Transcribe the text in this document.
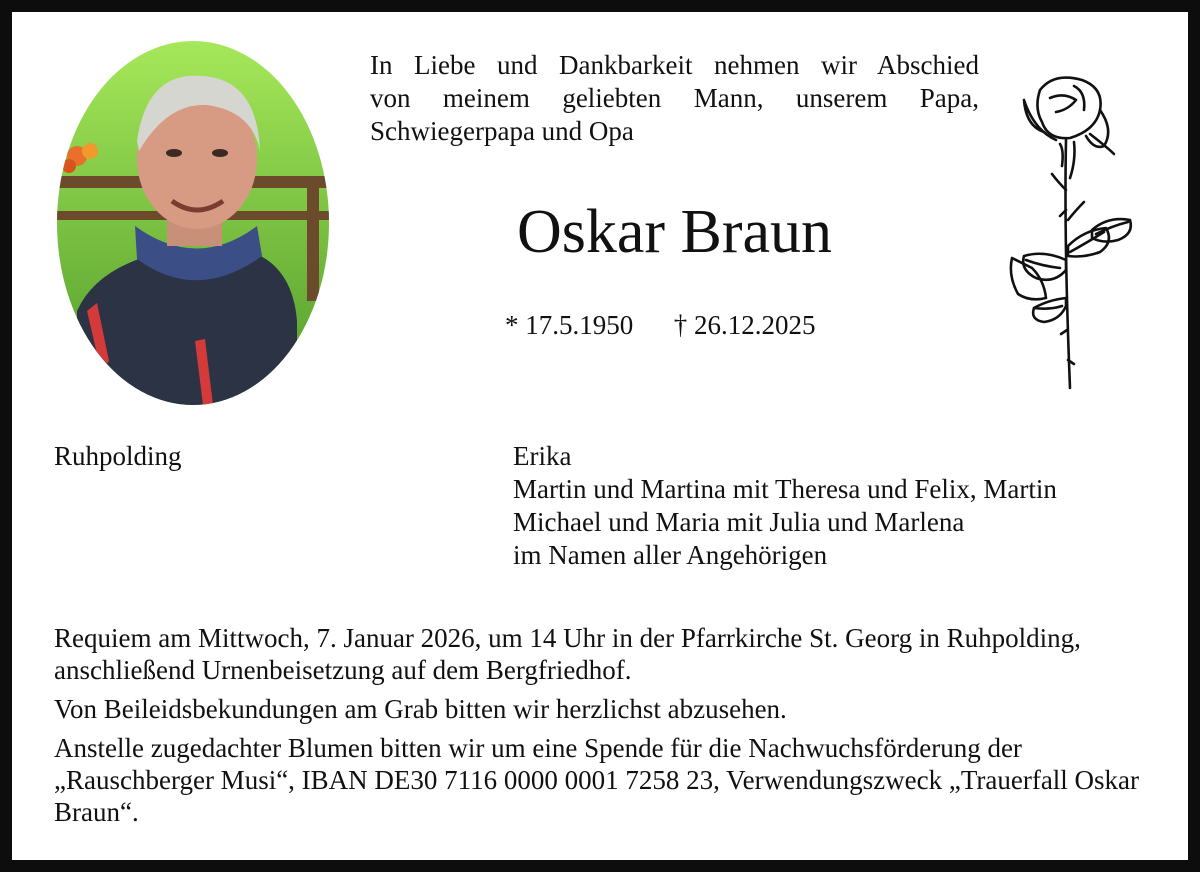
In Liebe und Dankbarkeit nehmen wir Abschied
von meinem geliebten Mann, unserem Papa,
Schwiegerpapa und Opa
Oskar Braun
* 17.5.1950 † 26.12.2025
Ruhpolding	Erika
Martin und Martina mit Theresa und Felix, Martin
Michael und Maria mit Julia und Marlena
im Namen aller Angehörigen

Requiem am Mittwoch, 7. Januar 2026, um 14 Uhr in der Pfarrkirche St. Georg in Ruhpolding, anschließend Urnenbeisetzung auf dem Bergfriedhof.

Von Beileidsbekundungen am Grab bitten wir herzlichst abzusehen.

Anstelle zugedachter Blumen bitten wir um eine Spende für die Nachwuchsförderung der „Rauschberger Musi“, IBAN DE30 7116 0000 0001 7258 23, Verwendungszweck „Trauerfall Oskar Braun“.
